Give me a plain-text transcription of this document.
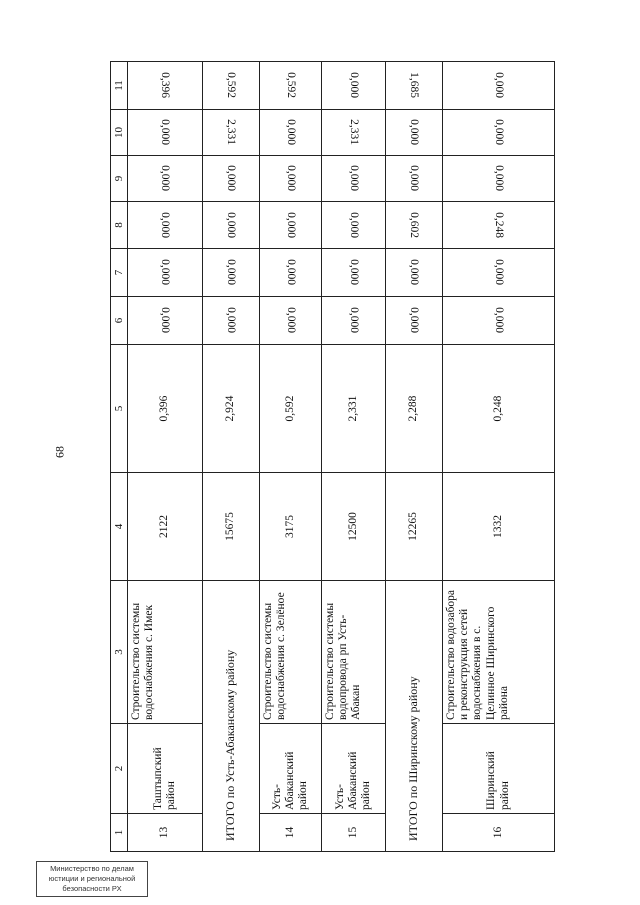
68
1	2	3	4	5	6	7	8	9	10	11
13	Таштыпский район	Строительство системы водоснабжения с. Имек	2122	0,396	0,000	0,000	0,000	0,000	0,000	0,396
ИТОГО по Усть-Абаканскому району			15675	2,924	0,000	0,000	0,000	0,000	2,331	0,592
14	Усть-Абаканский район	Строительство системы водоснабжения с. Зелёное	3175	0,592	0,000	0,000	0,000	0,000	0,000	0,592
15	Усть-Абаканский район	Строительство системы водопровода рп Усть-Абакан	12500	2,331	0,000	0,000	0,000	0,000	2,331	0,000
ИТОГО по Ширинскому району			12265	2,288	0,000	0,000	0,602	0,000	0,000	1,685
16	Ширинский район	Строительство водозабора и реконструкция сетей водоснабжения в с. Целинное Ширинского района	1332	0,248	0,000	0,000	0,248	0,000	0,000	0,000
Министерство по делам
юстиции и региональной
безопасности РХ
